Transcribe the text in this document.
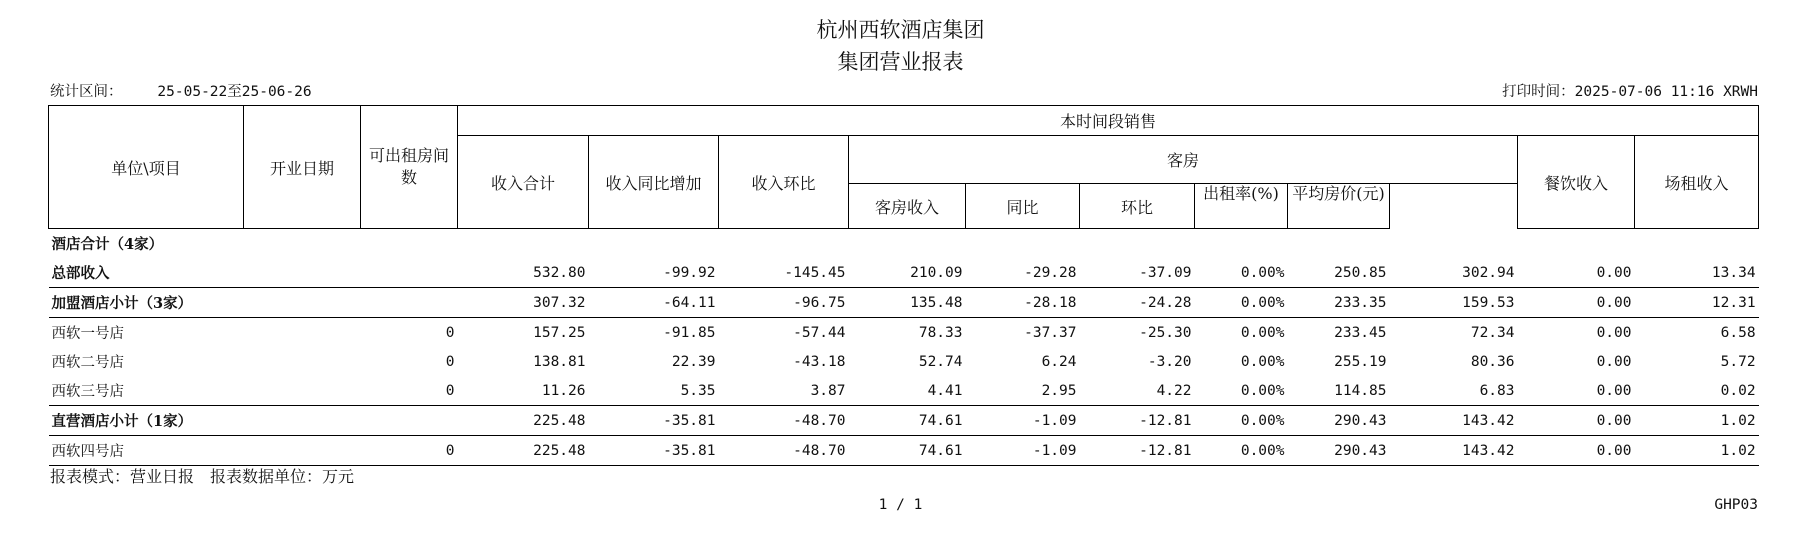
杭州西软酒店集团
集团营业报表
统计区间： 25-05-22至25-06-26	打印时间：2025-07-06 11:16 XRWH
单位\项目	开业日期	可出租房间数	本时间段销售											
			收入合计	收入同比增加	收入环比	客房						餐饮收入	场租收入	
						客房收入	同比	环比	出租率(%)	平均房价(元)				
酒店合计（4家）														
总部收入			532.80	-99.92	-145.45	210.09	-29.28	-37.09	0.00%	250.85	302.94	0.00	13.34	
加盟酒店小计（3家）			307.32	-64.11	-96.75	135.48	-28.18	-24.28	0.00%	233.35	159.53	0.00	12.31	
西软一号店		0	157.25	-91.85	-57.44	78.33	-37.37	-25.30	0.00%	233.45	72.34	0.00	6.58	
西软二号店		0	138.81	22.39	-43.18	52.74	6.24	-3.20	0.00%	255.19	80.36	0.00	5.72	
西软三号店		0	11.26	5.35	3.87	4.41	2.95	4.22	0.00%	114.85	6.83	0.00	0.02	
直营酒店小计（1家）			225.48	-35.81	-48.70	74.61	-1.09	-12.81	0.00%	290.43	143.42	0.00	1.02	
西软四号店		0	225.48	-35.81	-48.70	74.61	-1.09	-12.81	0.00%	290.43	143.42	0.00	1.02	
报表模式：营业日报　报表数据单位：万元
1 / 1	GHP03
